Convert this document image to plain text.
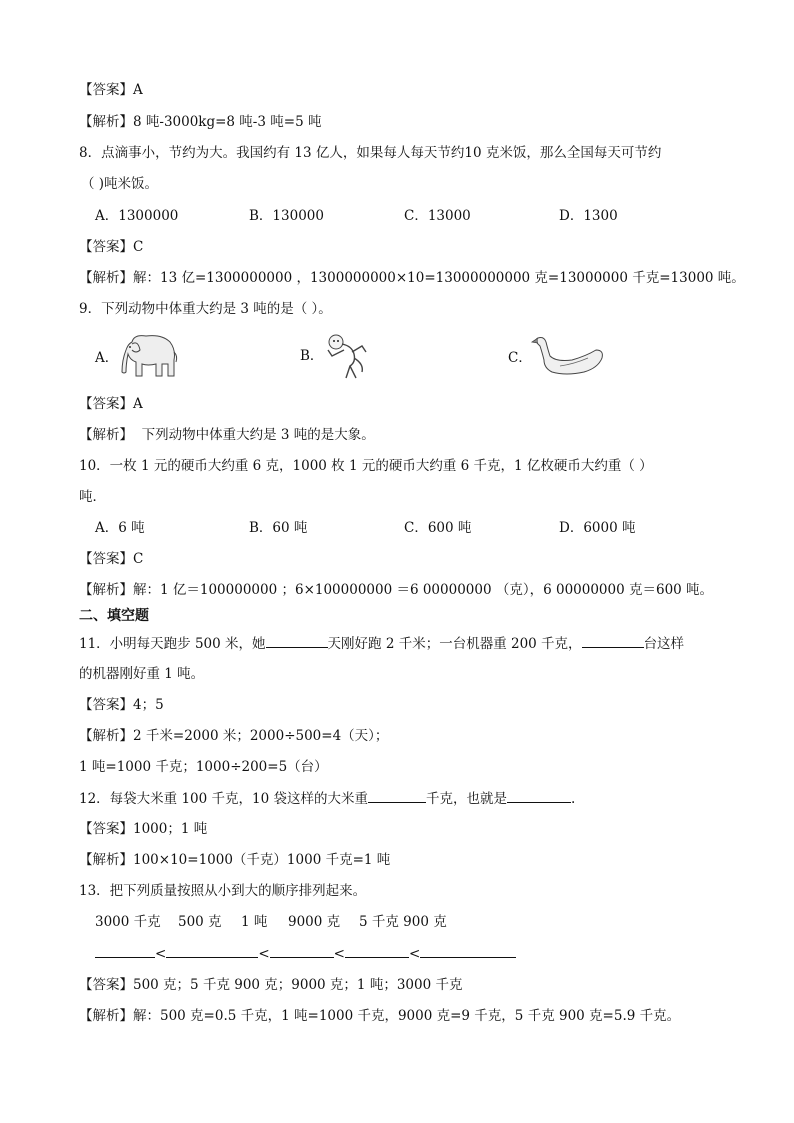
【答案】A
【解析】8 吨-3000kg=8 吨-3 吨=5 吨
8．点滴事小，节约为大。我国约有 13 亿人，如果每人每天节约10 克米饭，那么全国每天可节约
（ )吨米饭。
A．1300000	B．130000	C．13000	D．1300
【答案】C
【解析】解：13 亿=1300000000 ，1300000000×10=13000000000 克=13000000 千克=13000 吨。
9．下列动物中体重大约是 3 吨的是（ ）。
A．	B．	C．
【答案】A
【解析】  下列动物中体重大约是 3 吨的是大象。
10．一枚 1 元的硬币大约重 6 克，1000 枚 1 元的硬币大约重 6 千克，1 亿枚硬币大约重（ ）
吨．
A．6 吨	B．60 吨	C．600 吨	D．6000 吨
【答案】C
【解析】解：1 亿＝100000000 ；6×100000000 ＝6 00000000 （克），6 00000000 克＝600 吨。
二、填空题
11．小明每天跑步 500 米，她	天刚好跑 2 千米；一台机器重 200 千克，	台这样
的机器刚好重 1 吨。
【答案】4；5
【解析】2 千米=2000 米；2000÷500=4（天）；
1 吨=1000 千克；1000÷200=5（台）
12．每袋大米重 100 千克，10 袋这样的大米重	千克，也就是	.
【答案】1000；1 吨
【解析】100×10=1000（千克）1000 千克=1 吨
13．把下列质量按照从小到大的顺序排列起来。
3000 千克 500 克 1 吨 9000 克 5 千克 900 克
<	<	<	<
【答案】500 克；5 千克 900 克；9000 克；1 吨；3000 千克
【解析】解：500 克=0.5 千克，1 吨=1000 千克，9000 克=9 千克，5 千克 900 克=5.9 千克。
